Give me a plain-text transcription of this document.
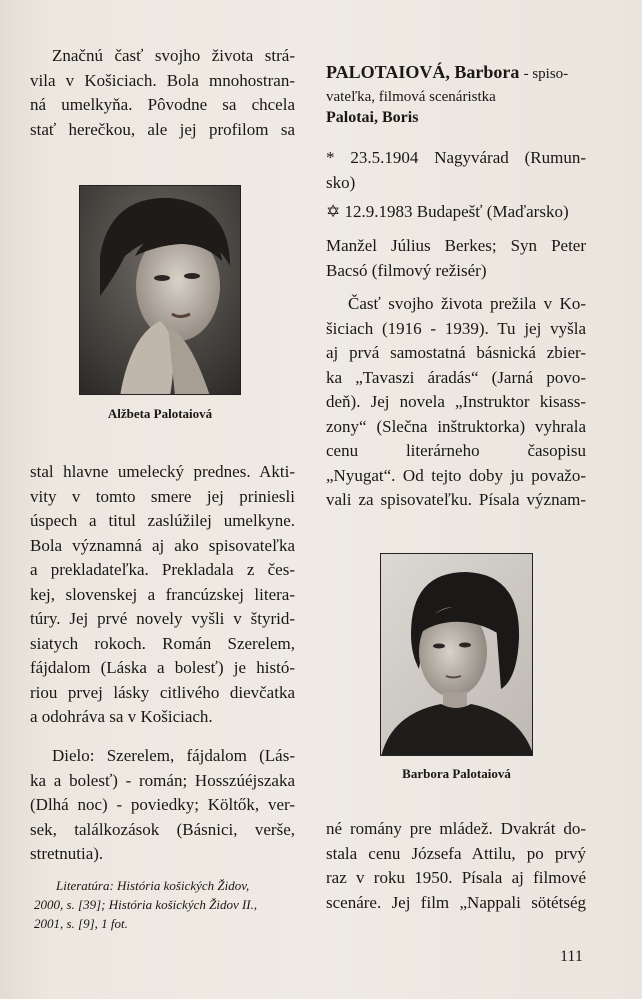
Značnú časť svojho života strá-

vila v Košiciach. Bola mnohostran-

ná umelkyňa. Pôvodne sa chcela

stať herečkou, ale jej profilom sa

Alžbeta Palotaiová

stal hlavne umelecký prednes. Akti-

vity v tomto smere jej priniesli

úspech a titul zaslúžilej umelkyne.

Bola významná aj ako spisovateľka

a prekladateľka. Prekladala z čes-

kej, slovenskej a francúzskej litera-

túry. Jej prvé novely vyšli v štyrid-

siatych rokoch. Román Szerelem,

fájdalom (Láska a bolesť) je histó-

riou prvej lásky citlivého dievčatka

a odohráva sa v Košiciach.

Dielo: Szerelem, fájdalom (Lás-

ka a bolesť) - román; Hosszúéjszaka

(Dlhá noc) - poviedky; Költők, ver-

sek, találkozások (Básnici, verše,

stretnutia).

Literatúra: História košických Židov,

2000, s. [39]; História košických Židov II.,

2001, s. [9], 1 fot.

PALOTAIOVÁ, Barbora - spiso-

vateľka, filmová scenáristka

Palotai, Boris

* 23.5.1904 Nagyvárad (Rumun-

sko)

✡ 12.9.1983 Budapešť (Maďarsko)

Manžel Július Berkes; Syn Peter

Bacsó (filmový režisér)

Časť svojho života prežila v Ko-

šiciach (1916 - 1939). Tu jej vyšla

aj prvá samostatná básnická zbier-

ka „Tavaszi áradás“ (Jarná povo-

deň). Jej novela „Instruktor kisass-

zony“ (Slečna inštruktorka) vyhrala

cenu          literárneho          časopisu

„Nyugat“. Od tejto doby ju považo-

vali za spisovateľku. Písala význam-

Barbora Palotaiová

né romány pre mládež. Dvakrát do-

stala cenu Józsefa Attilu, po prvý

raz v roku 1950. Písala aj filmové

scenáre. Jej film „Nappali sötétség

111
